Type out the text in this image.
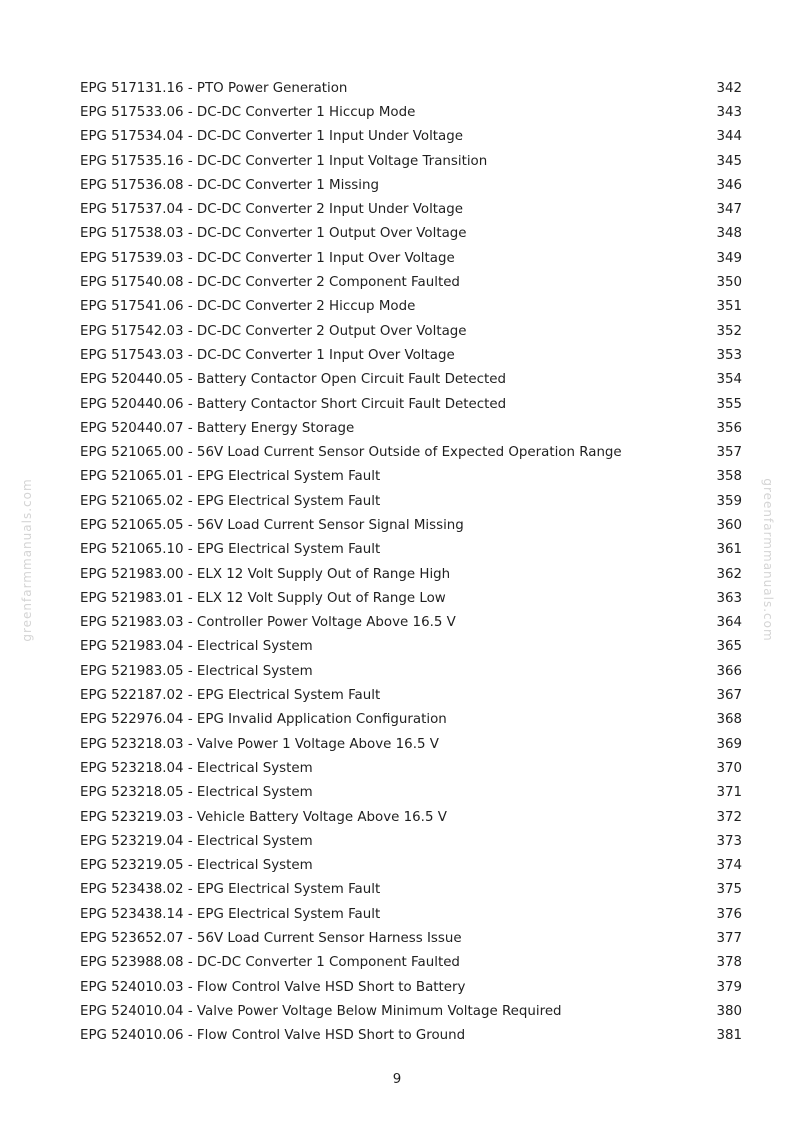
greenfarmmanuals.com	greenfarmmanuals.com
EPG 517131.16 - PTO Power Generation	342
EPG 517533.06 - DC-DC Converter 1 Hiccup Mode	343
EPG 517534.04 - DC-DC Converter 1 Input Under Voltage	344
EPG 517535.16 - DC-DC Converter 1 Input Voltage Transition	345
EPG 517536.08 - DC-DC Converter 1 Missing	346
EPG 517537.04 - DC-DC Converter 2 Input Under Voltage	347
EPG 517538.03 - DC-DC Converter 1 Output Over Voltage	348
EPG 517539.03 - DC-DC Converter 1 Input Over Voltage	349
EPG 517540.08 - DC-DC Converter 2 Component Faulted	350
EPG 517541.06 - DC-DC Converter 2 Hiccup Mode	351
EPG 517542.03 - DC-DC Converter 2 Output Over Voltage	352
EPG 517543.03 - DC-DC Converter 1 Input Over Voltage	353
EPG 520440.05 - Battery Contactor Open Circuit Fault Detected	354
EPG 520440.06 - Battery Contactor Short Circuit Fault Detected	355
EPG 520440.07 - Battery Energy Storage	356
EPG 521065.00 - 56V Load Current Sensor Outside of Expected Operation Range	357
EPG 521065.01 - EPG Electrical System Fault	358
EPG 521065.02 - EPG Electrical System Fault	359
EPG 521065.05 - 56V Load Current Sensor Signal Missing	360
EPG 521065.10 - EPG Electrical System Fault	361
EPG 521983.00 - ELX 12 Volt Supply Out of Range High	362
EPG 521983.01 - ELX 12 Volt Supply Out of Range Low	363
EPG 521983.03 - Controller Power Voltage Above 16.5 V	364
EPG 521983.04 - Electrical System	365
EPG 521983.05 - Electrical System	366
EPG 522187.02 - EPG Electrical System Fault	367
EPG 522976.04 - EPG Invalid Application Configuration	368
EPG 523218.03 - Valve Power 1 Voltage Above 16.5 V	369
EPG 523218.04 - Electrical System	370
EPG 523218.05 - Electrical System	371
EPG 523219.03 - Vehicle Battery Voltage Above 16.5 V	372
EPG 523219.04 - Electrical System	373
EPG 523219.05 - Electrical System	374
EPG 523438.02 - EPG Electrical System Fault	375
EPG 523438.14 - EPG Electrical System Fault	376
EPG 523652.07 - 56V Load Current Sensor Harness Issue	377
EPG 523988.08 - DC-DC Converter 1 Component Faulted	378
EPG 524010.03 - Flow Control Valve HSD Short to Battery	379
EPG 524010.04 - Valve Power Voltage Below Minimum Voltage Required	380
EPG 524010.06 - Flow Control Valve HSD Short to Ground	381
9
